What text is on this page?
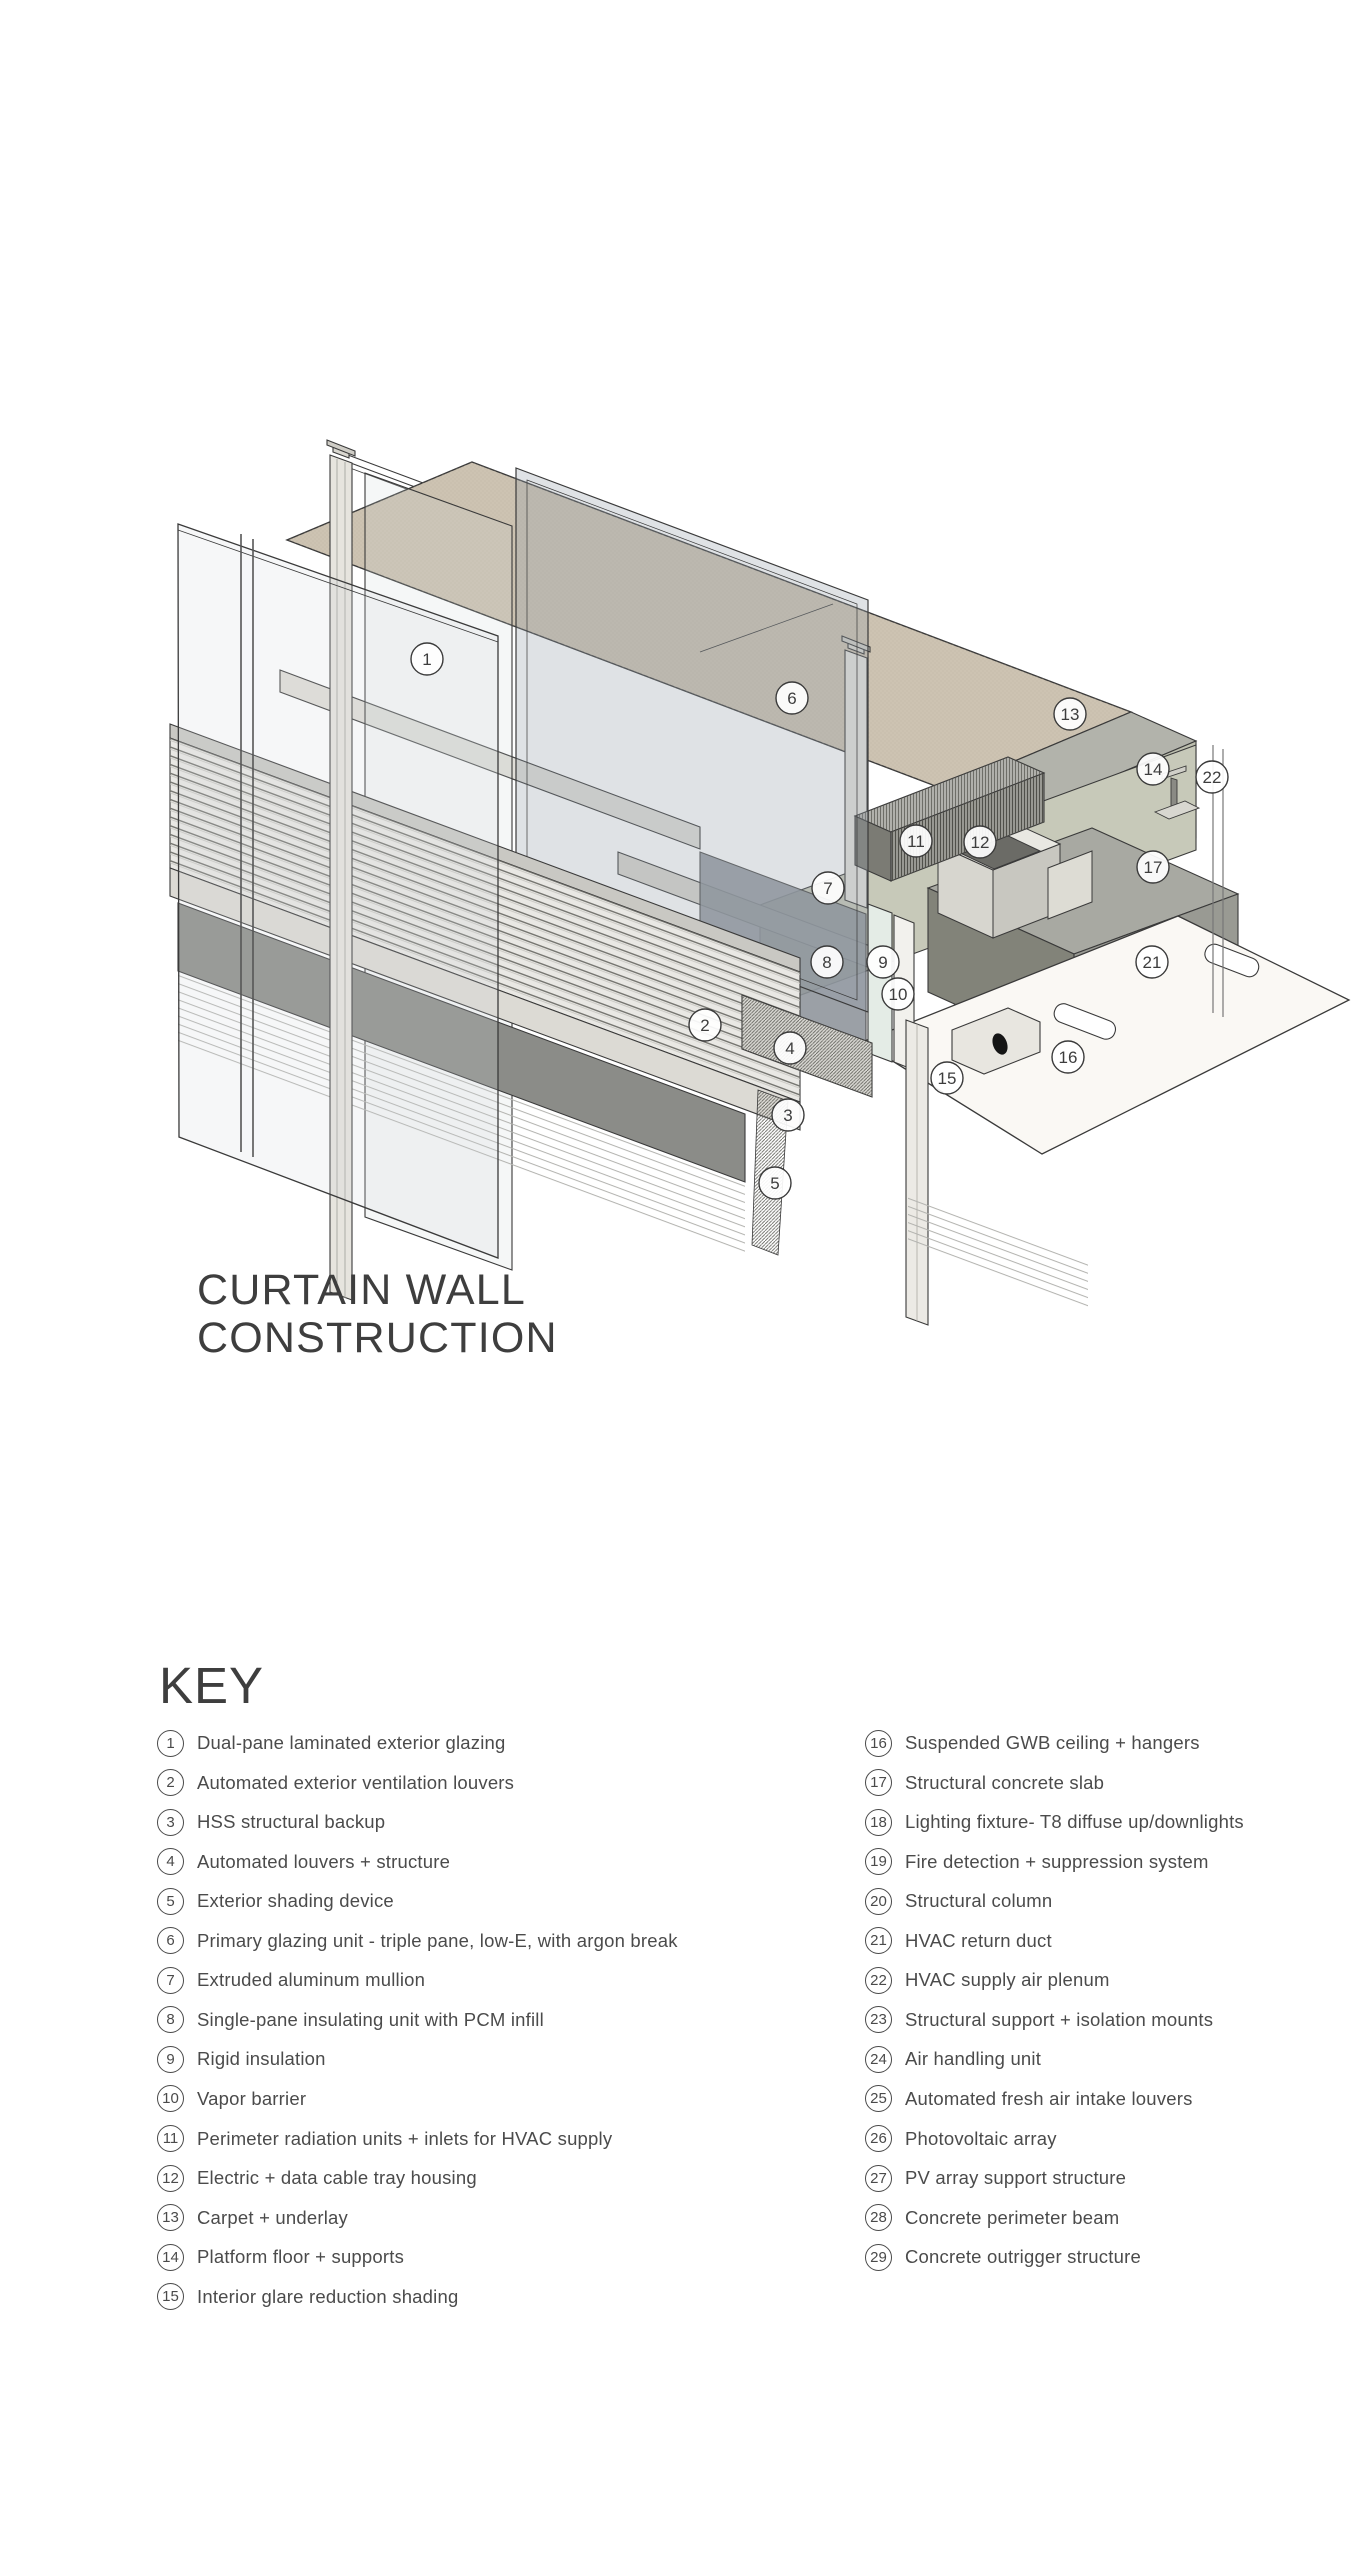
1
2
3
4
5
6
7
8	9
10
11	12
13
14
15
16
17
21
22
CURTAIN WALL
CONSTRUCTION
KEY
1	Dual-pane laminated exterior glazing
2	Automated exterior ventilation louvers
3	HSS structural backup
4	Automated louvers + structure
5	Exterior shading device
6	Primary glazing unit - triple pane, low-E, with argon break
7	Extruded aluminum mullion
8	Single-pane insulating unit with PCM infill
9	Rigid insulation
10 Vapor barrier
11	Perimeter radiation units + inlets for HVAC supply
12 Electric + data cable tray housing
13 Carpet + underlay
14 Platform floor + supports
15 Interior glare reduction shading
16 Suspended GWB ceiling + hangers
17 Structural concrete slab
18 Lighting fixture- T8 diffuse up/downlights
19 Fire detection + suppression system
20 Structural column
21 HVAC return duct
22 HVAC supply air plenum
23 Structural support + isolation mounts
24 Air handling unit
25 Automated fresh air intake louvers
26 Photovoltaic array
27 PV array support structure
28 Concrete perimeter beam
29 Concrete outrigger structure
